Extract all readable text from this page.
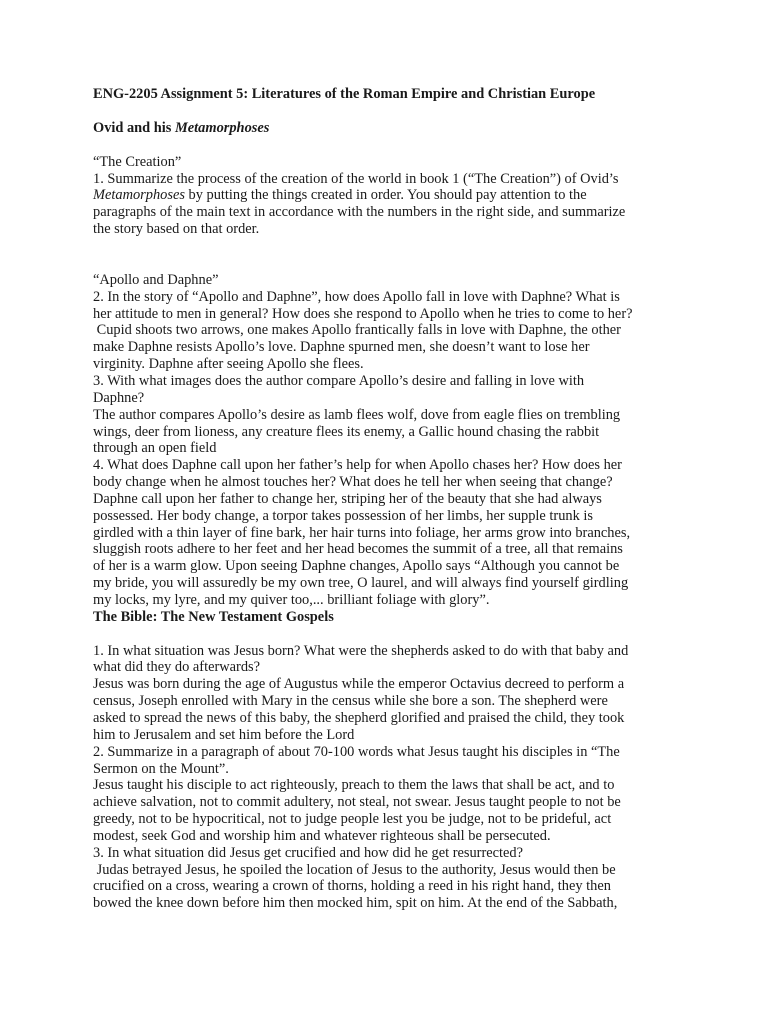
ENG-2205 Assignment 5: Literatures of the Roman Empire and Christian Europe

Ovid and his Metamorphoses

“The Creation”

1. Summarize the process of the creation of the world in book 1 (“The Creation”) of Ovid’s

Metamorphoses by putting the things created in order. You should pay attention to the

paragraphs of the main text in accordance with the numbers in the right side, and summarize

the story based on that order.

“Apollo and Daphne”

2. In the story of “Apollo and Daphne”, how does Apollo fall in love with Daphne? What is

her attitude to men in general? How does she respond to Apollo when he tries to come to her?

Cupid shoots two arrows, one makes Apollo frantically falls in love with Daphne, the other

make Daphne resists Apollo’s love. Daphne spurned men, she doesn’t want to lose her

virginity. Daphne after seeing Apollo she flees.

3. With what images does the author compare Apollo’s desire and falling in love with

Daphne?

The author compares Apollo’s desire as lamb flees wolf, dove from eagle flies on trembling

wings, deer from lioness, any creature flees its enemy, a Gallic hound chasing the rabbit

through an open field

4. What does Daphne call upon her father’s help for when Apollo chases her? How does her

body change when he almost touches her? What does he tell her when seeing that change?

Daphne call upon her father to change her, striping her of the beauty that she had always

possessed. Her body change, a torpor takes possession of her limbs, her supple trunk is

girdled with a thin layer of fine bark, her hair turns into foliage, her arms grow into branches,

sluggish roots adhere to her feet and her head becomes the summit of a tree, all that remains

of her is a warm glow. Upon seeing Daphne changes, Apollo says “Although you cannot be

my bride, you will assuredly be my own tree, O laurel, and will always find yourself girdling

my locks, my lyre, and my quiver too,... brilliant foliage with glory”.

The Bible: The New Testament Gospels

1. In what situation was Jesus born? What were the shepherds asked to do with that baby and

what did they do afterwards?

Jesus was born during the age of Augustus while the emperor Octavius decreed to perform a

census, Joseph enrolled with Mary in the census while she bore a son. The shepherd were

asked to spread the news of this baby, the shepherd glorified and praised the child, they took

him to Jerusalem and set him before the Lord

2. Summarize in a paragraph of about 70-100 words what Jesus taught his disciples in “The

Sermon on the Mount”.

Jesus taught his disciple to act righteously, preach to them the laws that shall be act, and to

achieve salvation, not to commit adultery, not steal, not swear. Jesus taught people to not be

greedy, not to be hypocritical, not to judge people lest you be judge, not to be prideful, act

modest, seek God and worship him and whatever righteous shall be persecuted.

3. In what situation did Jesus get crucified and how did he get resurrected?

Judas betrayed Jesus, he spoiled the location of Jesus to the authority, Jesus would then be

crucified on a cross, wearing a crown of thorns, holding a reed in his right hand, they then

bowed the knee down before him then mocked him, spit on him. At the end of the Sabbath,
